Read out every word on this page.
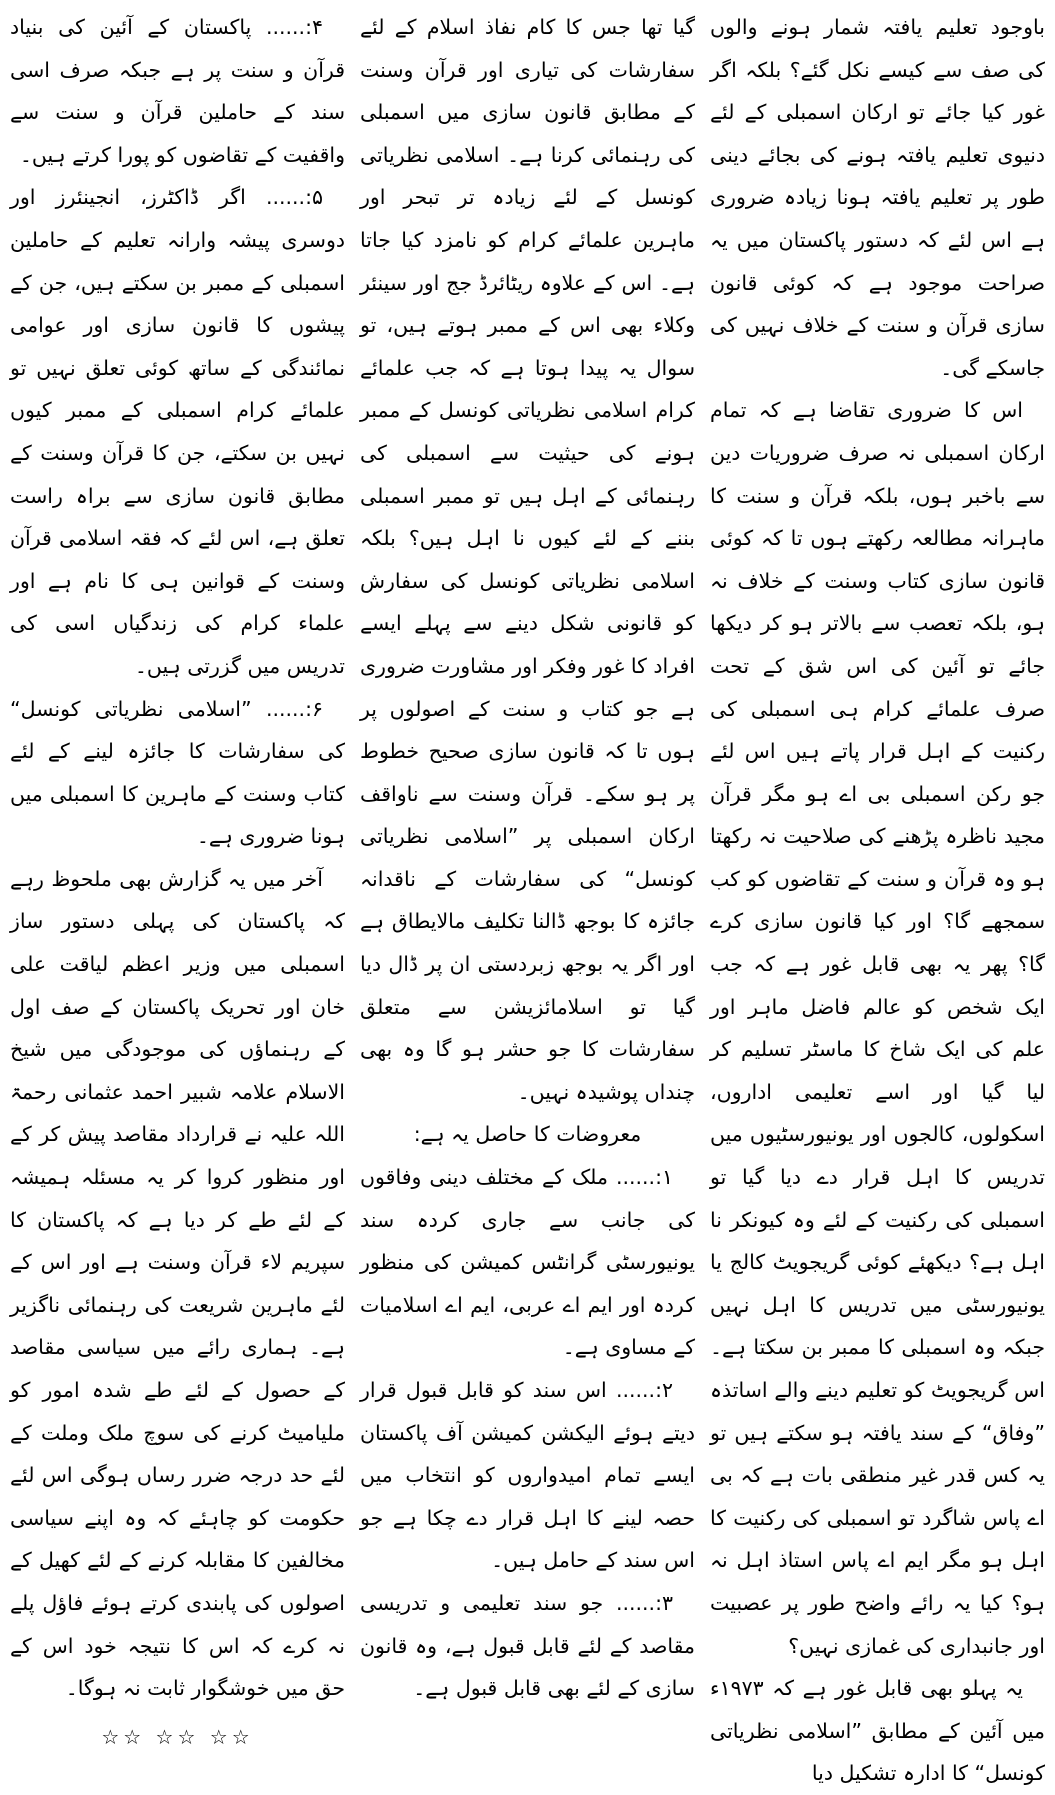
باوجود تعلیم یافتہ شمار ہونے والوں کی صف سے کیسے نکل گئے؟ بلکہ اگر غور کیا جائے تو ارکان اسمبلی کے لئے دنیوی تعلیم یافتہ ہونے کی بجائے دینی طور پر تعلیم یافتہ ہونا زیادہ ضروری ہے اس لئے کہ دستور پاکستان میں یہ صراحت موجود ہے کہ کوئی قانون سازی قرآن و سنت کے خلاف نہیں کی جاسکے گی۔

اس کا ضروری تقاضا ہے کہ تمام ارکان اسمبلی نہ صرف ضروریات دین سے باخبر ہوں، بلکہ قرآن و سنت کا ماہرانہ مطالعہ رکھتے ہوں تا کہ کوئی قانون سازی کتاب وسنت کے خلاف نہ ہو، بلکہ تعصب سے بالاتر ہو کر دیکھا جائے تو آئین کی اس شق کے تحت صرف علمائے کرام ہی اسمبلی کی رکنیت کے اہل قرار پاتے ہیں اس لئے جو رکن اسمبلی بی اے ہو مگر قرآن مجید ناظرہ پڑھنے کی صلاحیت نہ رکھتا ہو وہ قرآن و سنت کے تقاضوں کو کب سمجھے گا؟ اور کیا قانون سازی کرے گا؟ پھر یہ بھی قابل غور ہے کہ جب ایک شخص کو عالم فاضل ماہر اور علم کی ایک شاخ کا ماسٹر تسلیم کر لیا گیا اور اسے تعلیمی اداروں، اسکولوں، کالجوں اور یونیورسٹیوں میں تدریس کا اہل قرار دے دیا گیا تو اسمبلی کی رکنیت کے لئے وہ کیونکر نا اہل ہے؟ دیکھئے کوئی گریجویٹ کالج یا یونیورسٹی میں تدریس کا اہل نہیں جبکہ وہ اسمبلی کا ممبر بن سکتا ہے۔ اس گریجویٹ کو تعلیم دینے والے اساتذہ ”وفاق“ کے سند یافتہ ہو سکتے ہیں تو یہ کس قدر غیر منطقی بات ہے کہ بی اے پاس شاگرد تو اسمبلی کی رکنیت کا اہل ہو مگر ایم اے پاس استاذ اہل نہ ہو؟ کیا یہ رائے واضح طور پر عصبیت اور جانبداری کی غمازی نہیں؟

یہ پہلو بھی قابل غور ہے کہ ۱۹۷۳ء میں آئین کے مطابق ”اسلامی نظریاتی کونسل“ کا ادارہ تشکیل دیا

گیا تھا جس کا کام نفاذ اسلام کے لئے سفارشات کی تیاری اور قرآن وسنت کے مطابق قانون سازی میں اسمبلی کی رہنمائی کرنا ہے۔ اسلامی نظریاتی کونسل کے لئے زیادہ تر تبحر اور ماہرین علمائے کرام کو نامزد کیا جاتا ہے۔ اس کے علاوہ ریٹائرڈ جج اور سینئر وکلاء بھی اس کے ممبر ہوتے ہیں، تو سوال یہ پیدا ہوتا ہے کہ جب علمائے کرام اسلامی نظریاتی کونسل کے ممبر ہونے کی حیثیت سے اسمبلی کی رہنمائی کے اہل ہیں تو ممبر اسمبلی بننے کے لئے کیوں نا اہل ہیں؟ بلکہ اسلامی نظریاتی کونسل کی سفارش کو قانونی شکل دینے سے پہلے ایسے افراد کا غور وفکر اور مشاورت ضروری ہے جو کتاب و سنت کے اصولوں پر ہوں تا کہ قانون سازی صحیح خطوط پر ہو سکے۔ قرآن وسنت سے ناواقف ارکان اسمبلی پر ”اسلامی نظریاتی کونسل“ کی سفارشات کے ناقدانہ جائزہ کا بوجھ ڈالنا تکلیف مالایطاق ہے اور اگر یہ بوجھ زبردستی ان پر ڈال دیا گیا تو اسلامائزیشن سے متعلق سفارشات کا جو حشر ہو گا وہ بھی چنداں پوشیدہ نہیں۔

معروضات کا حاصل یہ ہے:

۱:...... ملک کے مختلف دینی وفاقوں کی جانب سے جاری کردہ سند یونیورسٹی گرانٹس کمیشن کی منظور کردہ اور ایم اے عربی، ایم اے اسلامیات کے مساوی ہے۔

۲:...... اس سند کو قابل قبول قرار دیتے ہوئے الیکشن کمیشن آف پاکستان ایسے تمام امیدواروں کو انتخاب میں حصہ لینے کا اہل قرار دے چکا ہے جو اس سند کے حامل ہیں۔

۳:...... جو سند تعلیمی و تدریسی مقاصد کے لئے قابل قبول ہے، وہ قانون سازی کے لئے بھی قابل قبول ہے۔

۴:...... پاکستان کے آئین کی بنیاد قرآن و سنت پر ہے جبکہ صرف اسی سند کے حاملین قرآن و سنت سے واقفیت کے تقاضوں کو پورا کرتے ہیں۔

۵:...... اگر ڈاکٹرز، انجینئرز اور دوسری پیشہ وارانہ تعلیم کے حاملین اسمبلی کے ممبر بن سکتے ہیں، جن کے پیشوں کا قانون سازی اور عوامی نمائندگی کے ساتھ کوئی تعلق نہیں تو علمائے کرام اسمبلی کے ممبر کیوں نہیں بن سکتے، جن کا قرآن وسنت کے مطابق قانون سازی سے براہ راست تعلق ہے، اس لئے کہ فقہ اسلامی قرآن وسنت کے قوانین ہی کا نام ہے اور علماء کرام کی زندگیاں اسی کی تدریس میں گزرتی ہیں۔

۶:...... ”اسلامی نظریاتی کونسل“ کی سفارشات کا جائزہ لینے کے لئے کتاب وسنت کے ماہرین کا اسمبلی میں ہونا ضروری ہے۔

آخر میں یہ گزارش بھی ملحوظ رہے کہ پاکستان کی پہلی دستور ساز اسمبلی میں وزیر اعظم لیاقت علی خان اور تحریک پاکستان کے صف اول کے رہنماؤں کی موجودگی میں شیخ الاسلام علامہ شبیر احمد عثمانی رحمۃ اللہ علیہ نے قرارداد مقاصد پیش کر کے اور منظور کروا کر یہ مسئلہ ہمیشہ کے لئے طے کر دیا ہے کہ پاکستان کا سپریم لاء قرآن وسنت ہے اور اس کے لئے ماہرین شریعت کی رہنمائی ناگزیر ہے۔ ہماری رائے میں سیاسی مقاصد کے حصول کے لئے طے شدہ امور کو ملیامیٹ کرنے کی سوچ ملک وملت کے لئے حد درجہ ضرر رساں ہوگی اس لئے حکومت کو چاہئے کہ وہ اپنے سیاسی مخالفین کا مقابلہ کرنے کے لئے کھیل کے اصولوں کی پابندی کرتے ہوئے فاؤل پلے نہ کرے کہ اس کا نتیجہ خود اس کے حق میں خوشگوار ثابت نہ ہوگا۔

☆☆ ☆☆ ☆☆
